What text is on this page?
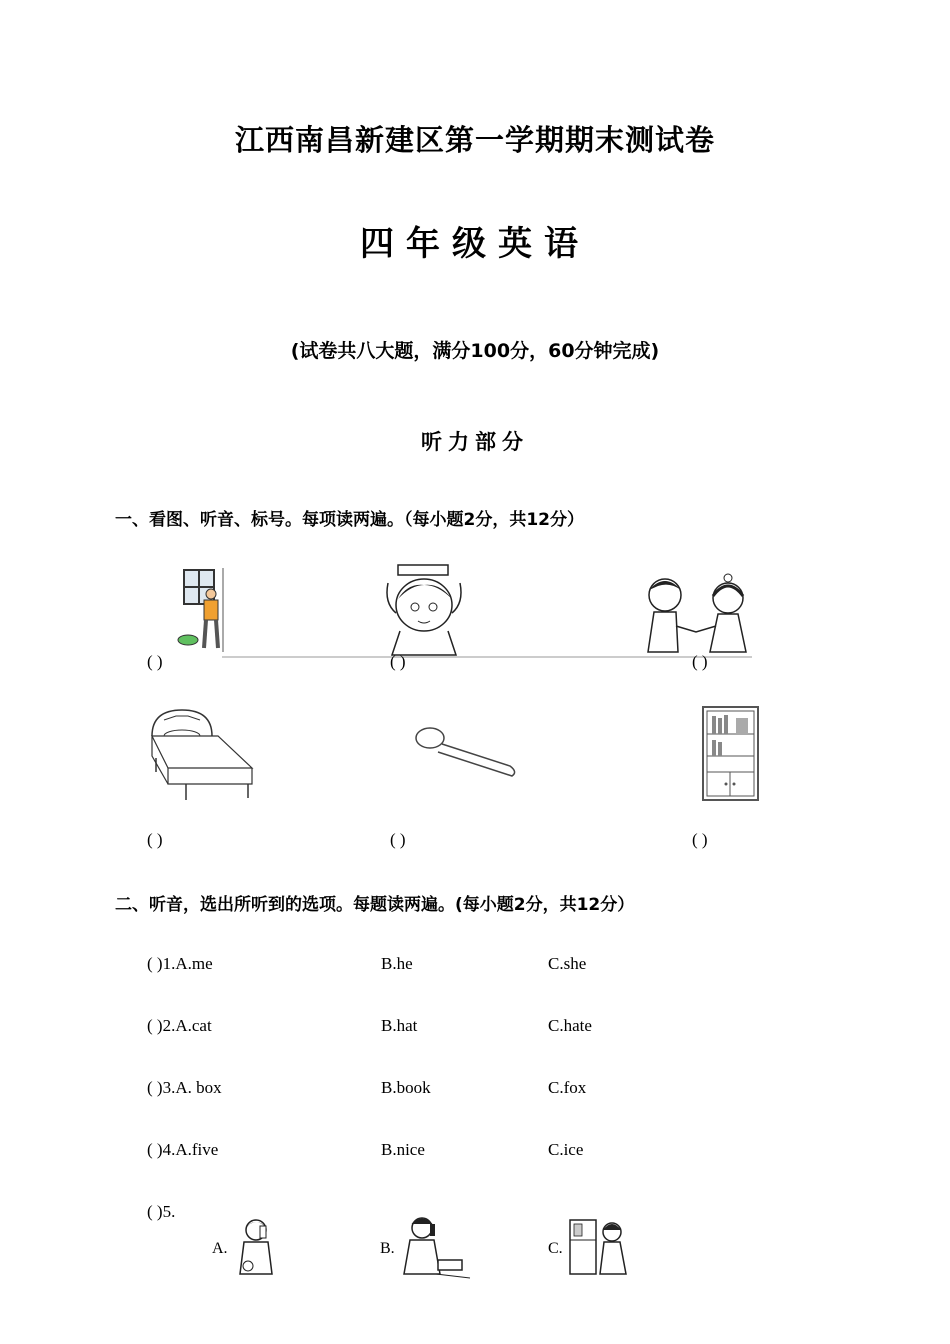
江西南昌新建区第一学期期末测试卷
四年级英语
(试卷共八大题，满分100分，60分钟完成)
听力部分
一、看图、听音、标号。每项读两遍。（每小题2分，共12分）
( )	( )	( )
( )	( )	( )
二、听音，选出所听到的选项。每题读两遍。(每小题2分，共12分）
( )1.A.me	B.he	C.she
( )2.A.cat	B.hat	C.hate
( )3.A. box	B.book	C.fox
( )4.A.five	B.nice	C.ice
( )5.
A.	B.	C.
